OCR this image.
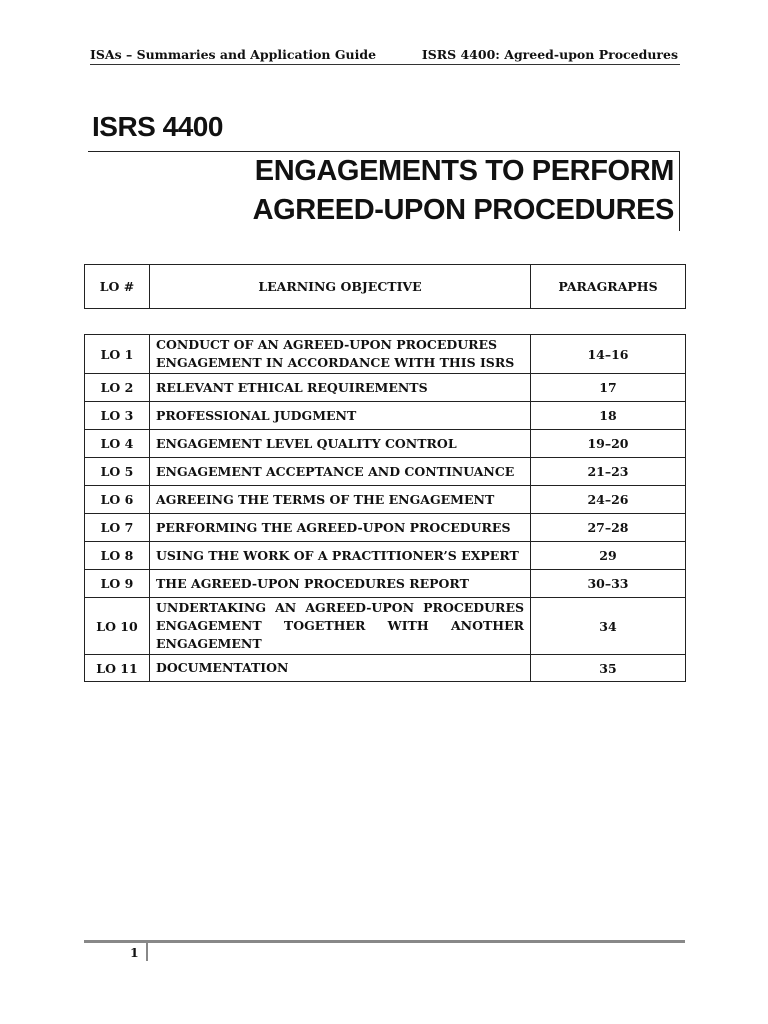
ISAs – Summaries and Application Guide	ISRS 4400: Agreed-upon Procedures
ISRS 4400
ENGAGEMENTS TO PERFORM
AGREED-UPON PROCEDURES
LO #	LEARNING OBJECTIVE	PARAGRAPHS
LO 1	CONDUCT OF AN AGREED-UPON PROCEDURES ENGAGEMENT IN ACCORDANCE WITH THIS ISRS	14–16
LO 2	RELEVANT ETHICAL REQUIREMENTS	17
LO 3	PROFESSIONAL JUDGMENT	18
LO 4	ENGAGEMENT LEVEL QUALITY CONTROL	19–20
LO 5	ENGAGEMENT ACCEPTANCE AND CONTINUANCE	21–23
LO 6	AGREEING THE TERMS OF THE ENGAGEMENT	24–26
LO 7	PERFORMING THE AGREED-UPON PROCEDURES	27–28
LO 8	USING THE WORK OF A PRACTITIONER’S EXPERT	29
LO 9	THE AGREED-UPON PROCEDURES REPORT	30–33
LO 10	UNDERTAKING AN AGREED-UPON PROCEDURES ENGAGEMENT TOGETHER WITH ANOTHER ENGAGEMENT	34
LO 11	DOCUMENTATION	35
1
